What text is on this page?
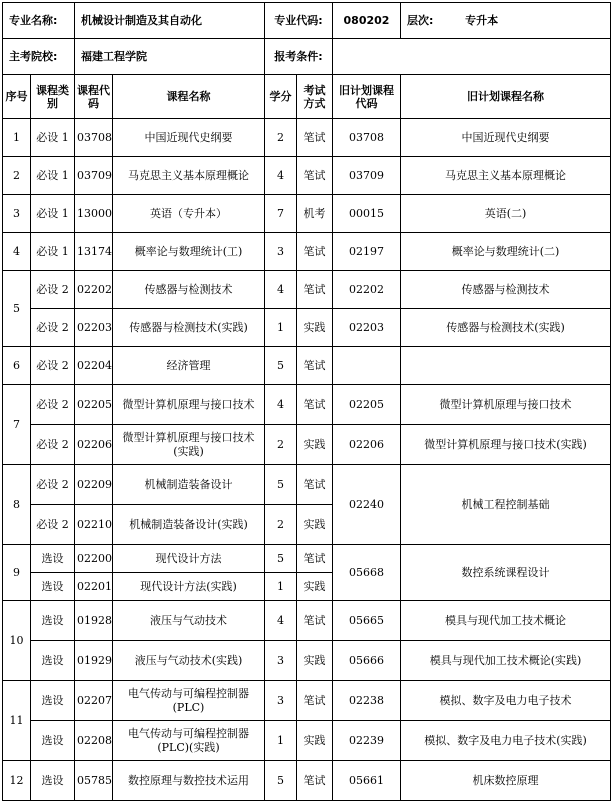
专业名称:		机械设计制造及其自动化		专业代码:		080202	层次: 专升本
主考院校:		福建工程学院		报考条件:			
序号	课程类别	课程代码	课程名称	学分	考试方式	旧计划课程代码	旧计划课程名称
1	必设 1	03708	中国近现代史纲要	2	笔试	03708	中国近现代史纲要
2	必设 1	03709	马克思主义基本原理概论	4	笔试	03709	马克思主义基本原理概论
3	必设 1	13000	英语（专升本）	7	机考	00015	英语(二)
4	必设 1	13174	概率论与数理统计(工)	3	笔试	02197	概率论与数理统计(二)
5	必设 2	02202	传感器与检测技术	4	笔试	02202	传感器与检测技术
	必设 2	02203	传感器与检测技术(实践)	1	实践	02203	传感器与检测技术(实践)
6	必设 2	02204	经济管理	5	笔试		
7	必设 2	02205	微型计算机原理与接口技术	4	笔试	02205	微型计算机原理与接口技术
	必设 2	02206	微型计算机原理与接口技术(实践)	2	实践	02206	微型计算机原理与接口技术(实践)
8	必设 2	02209	机械制造装备设计	5	笔试	02240	机械工程控制基础
	必设 2	02210	机械制造装备设计(实践)	2	实践		
9	选设	02200	现代设计方法	5	笔试	05668	数控系统课程设计
	选设	02201	现代设计方法(实践)	1	实践		
10	选设	01928	液压与气动技术	4	笔试	05665	模具与现代加工技术概论
	选设	01929	液压与气动技术(实践)	3	实践	05666	模具与现代加工技术概论(实践)
11	选设	02207	电气传动与可编程控制器(PLC)	3	笔试	02238	模拟、数字及电力电子技术
	选设	02208	电气传动与可编程控制器(PLC)(实践)	1	实践	02239	模拟、数字及电力电子技术(实践)
12	选设	05785	数控原理与数控技术运用	5	笔试	05661	机床数控原理
